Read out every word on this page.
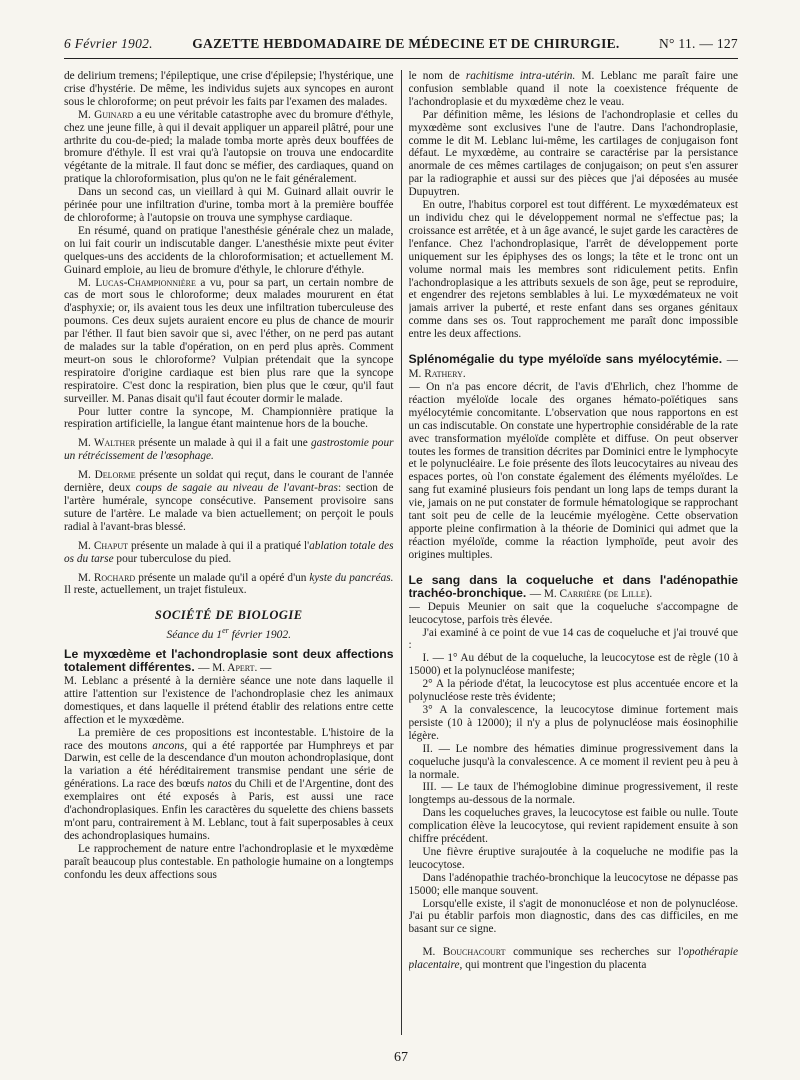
6 Février 1902.	GAZETTE HEBDOMADAIRE DE MÉDECINE ET DE CHIRURGIE.	N° 11. — 127

de delirium tremens; l'épileptique, une crise d'épilepsie; l'hystérique, une crise d'hystérie. De même, les individus sujets aux syncopes en auront sous le chloroforme; on peut prévoir les faits par l'examen des malades.

M. Guinard a eu une véritable catastrophe avec du bromure d'éthyle, chez une jeune fille, à qui il devait appliquer un appareil plâtré, pour une arthrite du cou-de-pied; la malade tomba morte après deux bouffées de bromure d'éthyle. Il est vrai qu'à l'autopsie on trouva une endocardite végétante de la mitrale. Il faut donc se méfier, des cardiaques, quand on pratique la chloroformisation, plus qu'on ne le fait généralement.

Dans un second cas, un vieillard à qui M. Guinard allait ouvrir le périnée pour une infiltration d'urine, tomba mort à la première bouffée de chloroforme; à l'autopsie on trouva une symphyse cardiaque.

En résumé, quand on pratique l'anesthésie générale chez un malade, on lui fait courir un indiscutable danger. L'anesthésie mixte peut éviter quelques-uns des accidents de la chloroformisation; et actuellement M. Guinard emploie, au lieu de bromure d'éthyle, le chlorure d'éthyle.

M. Lucas-Championnière a vu, pour sa part, un certain nombre de cas de mort sous le chloroforme; deux malades moururent en état d'asphyxie; or, ils avaient tous les deux une infiltration tuberculeuse des poumons. Ces deux sujets auraient encore eu plus de chance de mourir par l'éther. Il faut bien savoir que si, avec l'éther, on ne perd pas autant de malades sur la table d'opération, on en perd plus après. Comment meurt-on sous le chloroforme? Vulpian prétendait que la syncope respiratoire d'origine cardiaque est bien plus rare que la syncope respiratoire. C'est donc la respiration, bien plus que le cœur, qu'il faut surveiller. M. Panas disait qu'il faut écouter dormir le malade.

Pour lutter contre la syncope, M. Championnière pratique la respiration artificielle, la langue étant maintenue hors de la bouche.

M. Walther présente un malade à qui il a fait une gastrostomie pour un rétrécissement de l'œsophage.

M. Delorme présente un soldat qui reçut, dans le courant de l'année dernière, deux coups de sagaie au niveau de l'avant-bras: section de l'artère humérale, syncope consécutive. Pansement provisoire sans suture de l'artère. Le malade va bien actuellement; on perçoit le pouls radial à l'avant-bras blessé.

M. Chaput présente un malade à qui il a pratiqué l'ablation totale des os du tarse pour tuberculose du pied.

M. Rochard présente un malade qu'il a opéré d'un kyste du pancréas. Il reste, actuellement, un trajet fistuleux.

SOCIÉTÉ DE BIOLOGIE
Séance du 1er février 1902.
Le myxœdème et l'achondroplasie sont deux affections totalement différentes. — M. Apert. —

M. Leblanc a présenté à la dernière séance une note dans laquelle il attire l'attention sur l'existence de l'achondroplasie chez les animaux domestiques, et dans laquelle il prétend établir des relations entre cette affection et le myxœdème.

La première de ces propositions est incontestable. L'histoire de la race des moutons ancons, qui a été rapportée par Humphreys et par Darwin, est celle de la descendance d'un mouton achondroplasique, dont la variation a été héréditairement transmise pendant une série de générations. La race des bœufs natos du Chili et de l'Argentine, dont des exemplaires ont été exposés à Paris, est aussi une race d'achondroplasiques. Enfin les caractères du squelette des chiens bassets m'ont paru, contrairement à M. Leblanc, tout à fait superposables à ceux des achondroplasiques humains.

Le rapprochement de nature entre l'achondroplasie et le myxœdème paraît beaucoup plus contestable. En pathologie humaine on a longtemps confondu les deux affections sous

le nom de rachitisme intra-utérin. M. Leblanc me paraît faire une confusion semblable quand il note la coexistence fréquente de l'achondroplasie et du myxœdème chez le veau.

Par définition même, les lésions de l'achondroplasie et celles du myxœdème sont exclusives l'une de l'autre. Dans l'achondroplasie, comme le dit M. Leblanc lui-même, les cartilages de conjugaison font défaut. Le myxœdème, au contraire se caractérise par la persistance anormale de ces mêmes cartilages de conjugaison; on peut s'en assurer par la radiographie et aussi sur des pièces que j'ai déposées au musée Dupuytren.

En outre, l'habitus corporel est tout différent. Le myxœdémateux est un individu chez qui le développement normal ne s'effectue pas; la croissance est arrêtée, et à un âge avancé, le sujet garde les caractères de l'enfance. Chez l'achondroplasique, l'arrêt de développement porte uniquement sur les épiphyses des os longs; la tête et le tronc ont un volume normal mais les membres sont ridiculement petits. Enfin l'achondroplasique a les attributs sexuels de son âge, peut se reproduire, et engendrer des rejetons semblables à lui. Le myxœdémateux ne voit jamais arriver la puberté, et reste enfant dans ses organes génitaux comme dans ses os. Tout rapprochement me paraît donc impossible entre les deux affections.

Splénomégalie du type myéloïde sans myélocytémie. — M. Rathery.

— On n'a pas encore décrit, de l'avis d'Ehrlich, chez l'homme de réaction myéloïde locale des organes hémato-poïétiques sans myélocytémie concomitante. L'observation que nous rapportons en est un cas indiscutable. On constate une hypertrophie considérable de la rate avec transformation myéloïde complète et diffuse. On peut observer toutes les formes de transition décrites par Dominici entre le lymphocyte et le polynucléaire. Le foie présente des îlots leucocytaires au niveau des espaces portes, où l'on constate également des éléments myéloïdes. Le sang fut examiné plusieurs fois pendant un long laps de temps durant la vie, jamais on ne put constater de formule hématologique se rapprochant tant soit peu de celle de la leucémie myélogène. Cette observation apporte pleine confirmation à la théorie de Dominici qui admet que la réaction myéloïde, comme la réaction lymphoïde, peut avoir des origines multiples.

Le sang dans la coqueluche et dans l'adénopathie trachéo-bronchique. — M. Carrière (de Lille).

— Depuis Meunier on sait que la coqueluche s'accompagne de leucocytose, parfois très élevée.

J'ai examiné à ce point de vue 14 cas de coqueluche et j'ai trouvé que :

I. — 1° Au début de la coqueluche, la leucocytose est de règle (10 à 15000) et la polynucléose manifeste;

2° A la période d'état, la leucocytose est plus accentuée encore et la polynucléose reste très évidente;

3° A la convalescence, la leucocytose diminue fortement mais persiste (10 à 12000); il n'y a plus de polynucléose mais éosinophilie légère.

II. — Le nombre des hématies diminue progressivement dans la coqueluche jusqu'à la convalescence. A ce moment il revient peu à peu à la normale.

III. — Le taux de l'hémoglobine diminue progressivement, il reste longtemps au-dessous de la normale.

Dans les coqueluches graves, la leucocytose est faible ou nulle. Toute complication élève la leucocytose, qui revient rapidement ensuite à son chiffre précédent.

Une fièvre éruptive surajoutée à la coqueluche ne modifie pas la leucocytose.

Dans l'adénopathie trachéo-bronchique la leucocytose ne dépasse pas 15000; elle manque souvent.

Lorsqu'elle existe, il s'agit de mononucléose et non de polynucléose. J'ai pu établir parfois mon diagnostic, dans des cas difficiles, en me basant sur ce signe.

M. Bouchacourt communique ses recherches sur l'opothérapie placentaire, qui montrent que l'ingestion du placenta

67
